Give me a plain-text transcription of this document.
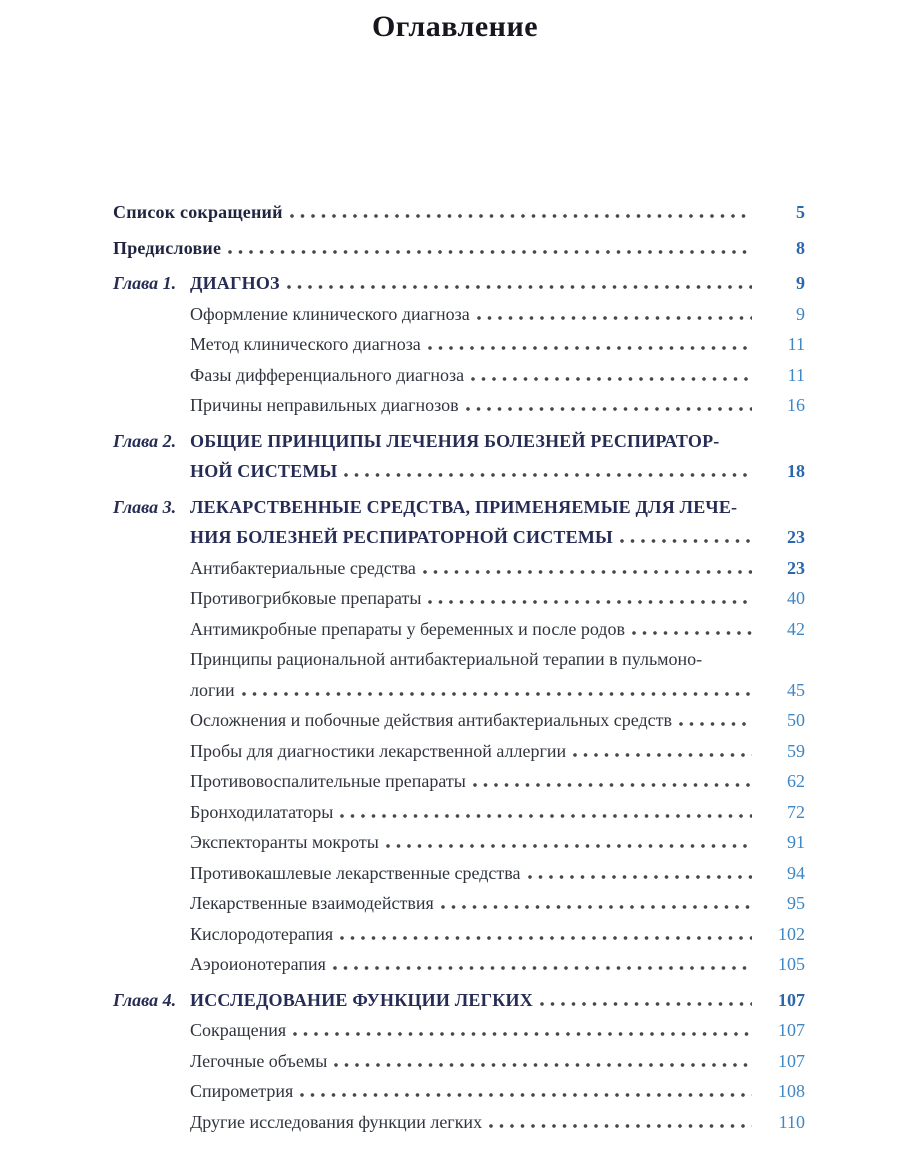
Оглавление
Список сокращений	5
Предисловие	8
Глава 1. ДИАГНОЗ	9
Оформление клинического диагноза	9
Метод клинического диагноза	11
Фазы дифференциального диагноза	11
Причины неправильных диагнозов	16
Глава 2. ОБЩИЕ ПРИНЦИПЫ ЛЕЧЕНИЯ БОЛЕЗНЕЙ РЕСПИРАТОР-
НОЙ СИСТЕМЫ	18
Глава 3. ЛЕКАРСТВЕННЫЕ СРЕДСТВА, ПРИМЕНЯЕМЫЕ ДЛЯ ЛЕЧЕ-
НИЯ БОЛЕЗНЕЙ РЕСПИРАТОРНОЙ СИСТЕМЫ	23
Антибактериальные средства	23
Противогрибковые препараты	40
Антимикробные препараты у беременных и после родов	42
Принципы рациональной антибактериальной терапии в пульмоно-
логии	45
Осложнения и побочные действия антибактериальных средств	50
Пробы для диагностики лекарственной аллергии	59
Противовоспалительные препараты	62
Бронходилататоры	72
Экспекторанты мокроты	91
Противокашлевые лекарственные средства	94
Лекарственные взаимодействия	95
Кислородотерапия	102
Аэроионотерапия	105
Глава 4. ИССЛЕДОВАНИЕ ФУНКЦИИ ЛЕГКИХ	107
Сокращения	107
Легочные объемы	107
Спирометрия	108
Другие исследования функции легких	110
